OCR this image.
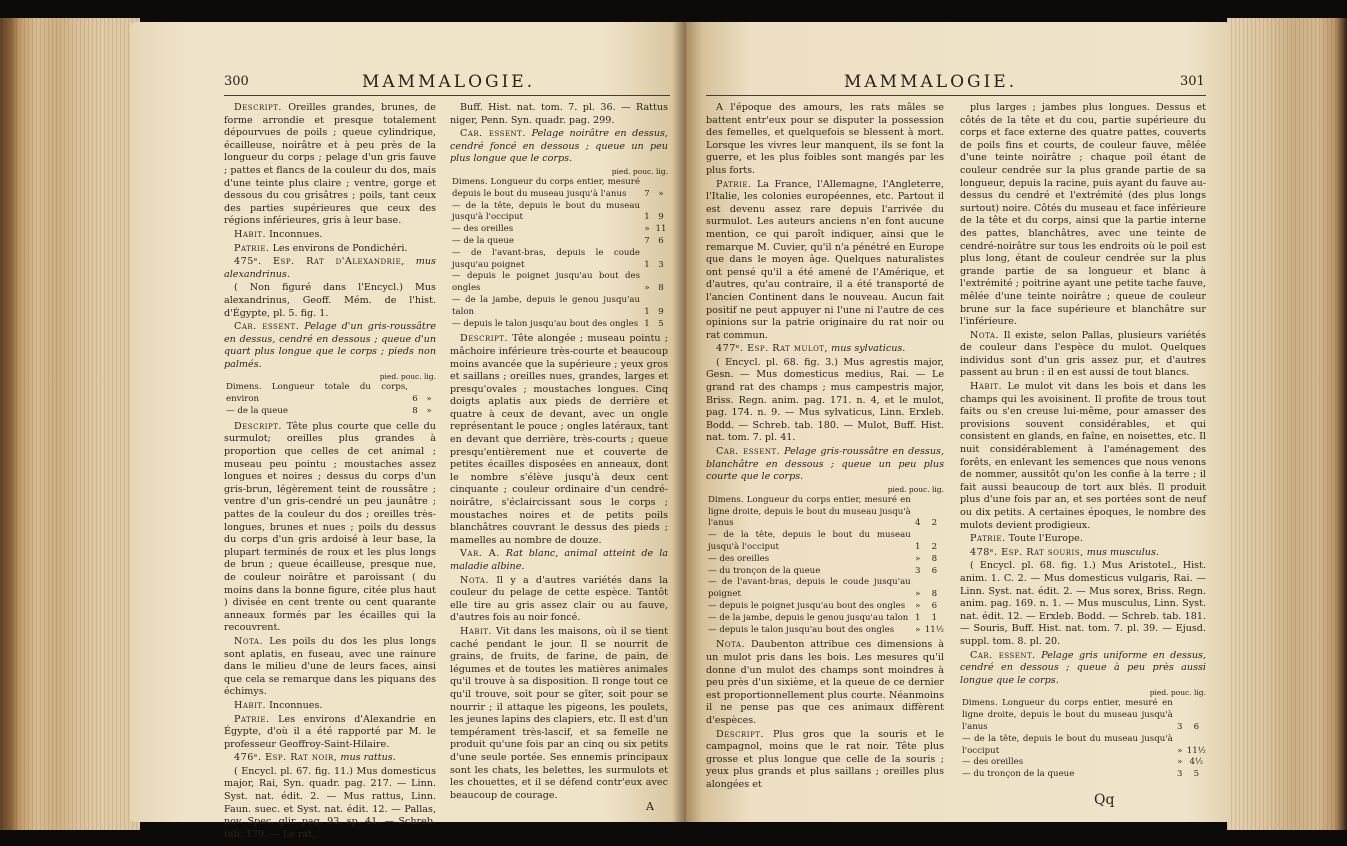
300	MAMMALOGIE.

Descript. Oreilles grandes, brunes, de forme arrondie et presque totalement dépourvues de poils ; queue cylindrique, écailleuse, noirâtre et à peu près de la longueur du corps ; pelage d'un gris fauve ; pattes et flancs de la couleur du dos, mais d'une teinte plus claire ; ventre, gorge et dessous du cou grisâtres ; poils, tant ceux des parties supérieures que ceux des régions inférieures, gris à leur base.

Habit. Inconnues.

Patrie. Les environs de Pondichéri.

475ᵉ. Esp. Rat d'Alexandrie, mus alexandrinus.

( Non figuré dans l'Encycl.) Mus alexandrinus, Geoff. Mém. de l'hist. d'Égypte, pl. 5. fig. 1.

Car. essent. Pelage d'un gris-roussâtre en dessus, cendré en dessous ; queue d'un quart plus longue que le corps ; pieds non palmés.

pied. pouc. lig.
Dimens. Longueur totale du corps, environ	6	»
— de la queue	8	»

Descript. Tête plus courte que celle du surmulot; oreilles plus grandes à proportion que celles de cet animal ; museau peu pointu ; moustaches assez longues et noires ; dessus du corps d'un gris-brun, légèrement teint de roussâtre ; ventre d'un gris-cendré un peu jaunâtre ; pattes de la couleur du dos ; oreilles très-longues, brunes et nues ; poils du dessus du corps d'un gris ardoisé à leur base, la plupart terminés de roux et les plus longs de brun ; queue écailleuse, presque nue, de couleur noirâtre et paroissant ( du moins dans la bonne figure, citée plus haut ) divisée en cent trente ou cent quarante anneaux formés par les écailles qui la recouvrent.

Nota. Les poils du dos les plus longs sont aplatis, en fuseau, avec une rainure dans le milieu d'une de leurs faces, ainsi que cela se remarque dans les piquans des échimys.

Habit. Inconnues.

Patrie. Les environs d'Alexandrie en Égypte, d'où il a été rapporté par M. le professeur Geoffroy-Saint-Hilaire.

476ᵉ. Esp. Rat noir, mus rattus.

( Encycl. pl. 67. fig. 11.) Mus domesticus major, Rai, Syn. quadr. pag. 217. — Linn. Syst. nat. édit. 2. — Mus rattus, Linn. Faun. suec. et Syst. nat. édit. 12. — Pallas, nov. Spec. glir. pag. 93. sp. 41. — Schreb. tab. 179. — Le rat,

Buff. Hist. nat. tom. 7. pl. 36. — Rattus niger, Penn. Syn. quadr. pag. 299.

Car. essent. Pelage noirâtre en dessus, cendré foncé en dessous ; queue un peu plus longue que le corps.

pied. pouc. lig.
Dimens. Longueur du corps entier, mesuré depuis le bout du museau jusqu'à l'anus	7	»
— de la tête, depuis le bout du museau jusqu'à l'occiput	1	9
— des oreilles	»	11
— de la queue	7	6
— de l'avant-bras, depuis le coude jusqu'au poignet	1	3
— depuis le poignet jusqu'au bout des ongles	»	8
— de la jambe, depuis le genou jusqu'au talon	1	9
— depuis le talon jusqu'au bout des ongles	1	5

Descript. Tête alongée ; museau pointu ; mâchoire inférieure très-courte et beaucoup moins avancée que la supérieure ; yeux gros et saillans ; oreilles nues, grandes, larges et presqu'ovales ; moustaches longues. Cinq doigts aplatis aux pieds de derrière et quatre à ceux de devant, avec un ongle représentant le pouce ; ongles latéraux, tant en devant que derrière, très-courts ; queue presqu'entièrement nue et couverte de petites écailles disposées en anneaux, dont le nombre s'élève jusqu'à deux cent cinquante ; couleur ordinaire d'un cendré-noirâtre, s'éclaircissant sous le corps ; moustaches noires et de petits poils blanchâtres couvrant le dessus des pieds ; mamelles au nombre de douze.

Var. A. Rat blanc, animal atteint de la maladie albine.

Nota. Il y a d'autres variétés dans la couleur du pelage de cette espèce. Tantôt elle tire au gris assez clair ou au fauve, d'autres fois au noir foncé.

Habit. Vit dans les maisons, où il se tient caché pendant le jour. Il se nourrit de grains, de fruits, de farine, de pain, de légumes et de toutes les matières animales qu'il trouve à sa disposition. Il ronge tout ce qu'il trouve, soit pour se gîter, soit pour se nourrir ; il attaque les pigeons, les poulets, les jeunes lapins des clapiers, etc. Il est d'un tempérament très-lascif, et sa femelle ne produit qu'une fois par an cinq ou six petits d'une seule portée. Ses ennemis principaux sont les chats, les belettes, les surmulots et les chouettes, et il se défend contr'eux avec beaucoup de courage.

A
MAMMALOGIE.	301

A l'époque des amours, les rats mâles se battent entr'eux pour se disputer la possession des femelles, et quelquefois se blessent à mort. Lorsque les vivres leur manquent, ils se font la guerre, et les plus foibles sont mangés par les plus forts.

Patrie. La France, l'Allemagne, l'Angleterre, l'Italie, les colonies européennes, etc. Partout il est devenu assez rare depuis l'arrivée du surmulot. Les auteurs anciens n'en font aucune mention, ce qui paroît indiquer, ainsi que le remarque M. Cuvier, qu'il n'a pénétré en Europe que dans le moyen âge. Quelques naturalistes ont pensé qu'il a été amené de l'Amérique, et d'autres, qu'au contraire, il a été transporté de l'ancien Continent dans le nouveau. Aucun fait positif ne peut appuyer ni l'une ni l'autre de ces opinions sur la patrie originaire du rat noir ou rat commun.

477ᵉ. Esp. Rat mulot, mus sylvaticus.

( Encycl. pl. 68. fig. 3.) Mus agrestis major, Gesn. — Mus domesticus medius, Rai. — Le grand rat des champs ; mus campestris major, Briss. Regn. anim. pag. 171. n. 4, et le mulot, pag. 174. n. 9. — Mus sylvaticus, Linn. Erxleb. Bodd. — Schreb. tab. 180. — Mulot, Buff. Hist. nat. tom. 7. pl. 41.

Car. essent. Pelage gris-roussâtre en dessus, blanchâtre en dessous ; queue un peu plus courte que le corps.

pied. pouc. lig.
Dimens. Longueur du corps entier, mesuré en ligne droite, depuis le bout du museau jusqu'à l'anus	4	2
— de la tête, depuis le bout du museau jusqu'à l'occiput	1	2
— des oreilles	»	8
— du tronçon de la queue	3	6
— de l'avant-bras, depuis le coude jusqu'au poignet	»	8
— depuis le poignet jusqu'au bout des ongles	»	6
— de la jambe, depuis le genou jusqu'au talon	1	1
— depuis le talon jusqu'au bout des ongles	»	11½

Nota. Daubenton attribue ces dimensions à un mulot pris dans les bois. Les mesures qu'il donne d'un mulot des champs sont moindres à peu près d'un sixième, et la queue de ce dernier est proportionnellement plus courte. Néanmoins il ne pense pas que ces animaux diffèrent d'espèces.

Descript. Plus gros que la souris et le campagnol, moins que le rat noir. Tête plus grosse et plus longue que celle de la souris ; yeux plus grands et plus saillans ; oreilles plus alongées et

plus larges ; jambes plus longues. Dessus et côtés de la tête et du cou, partie supérieure du corps et face externe des quatre pattes, couverts de poils fins et courts, de couleur fauve, mêlée d'une teinte noirâtre ; chaque poil étant de couleur cendrée sur la plus grande partie de sa longueur, depuis la racine, puis ayant du fauve au-dessus du cendré et l'extrémité (des plus longs surtout) noire. Côtés du museau et face inférieure de la tête et du corps, ainsi que la partie interne des pattes, blanchâtres, avec une teinte de cendré-noirâtre sur tous les endroits où le poil est plus long, étant de couleur cendrée sur la plus grande partie de sa longueur et blanc à l'extrémité ; poitrine ayant une petite tache fauve, mêlée d'une teinte noirâtre ; queue de couleur brune sur la face supérieure et blanchâtre sur l'inférieure.

Nota. Il existe, selon Pallas, plusieurs variétés de couleur dans l'espèce du mulot. Quelques individus sont d'un gris assez pur, et d'autres passent au brun : il en est aussi de tout blancs.

Habit. Le mulot vit dans les bois et dans les champs qui les avoisinent. Il profite de trous tout faits ou s'en creuse lui-même, pour amasser des provisions souvent considérables, et qui consistent en glands, en faîne, en noisettes, etc. Il nuit considérablement à l'aménagement des forêts, en enlevant les semences que nous venons de nommer, aussitôt qu'on les confie à la terre ; il fait aussi beaucoup de tort aux blés. Il produit plus d'une fois par an, et ses portées sont de neuf ou dix petits. A certaines époques, le nombre des mulots devient prodigieux.

Patrie. Toute l'Europe.

478ᵉ. Esp. Rat souris, mus musculus.

( Encycl. pl. 68. fig. 1.) Mus Aristotel., Hist. anim. 1. C. 2. — Mus domesticus vulgaris, Rai. — Linn. Syst. nat. édit. 2. — Mus sorex, Briss. Regn. anim. pag. 169. n. 1. — Mus musculus, Linn. Syst. nat. édit. 12. — Erxleb. Bodd. — Schreb. tab. 181. — Souris, Buff. Hist. nat. tom. 7. pl. 39. — Ejusd. suppl. tom. 8. pl. 20.

Car. essent. Pelage gris uniforme en dessus, cendré en dessous ; queue à peu près aussi longue que le corps.

pied. pouc. lig.
Dimens. Longueur du corps entier, mesuré en ligne droite, depuis le bout du museau jusqu'à l'anus	3	6
— de la tête, depuis le bout du museau jusqu'à l'occiput	»	11½
— des oreilles	»	4½
— du tronçon de la queue	3	5
Qq
